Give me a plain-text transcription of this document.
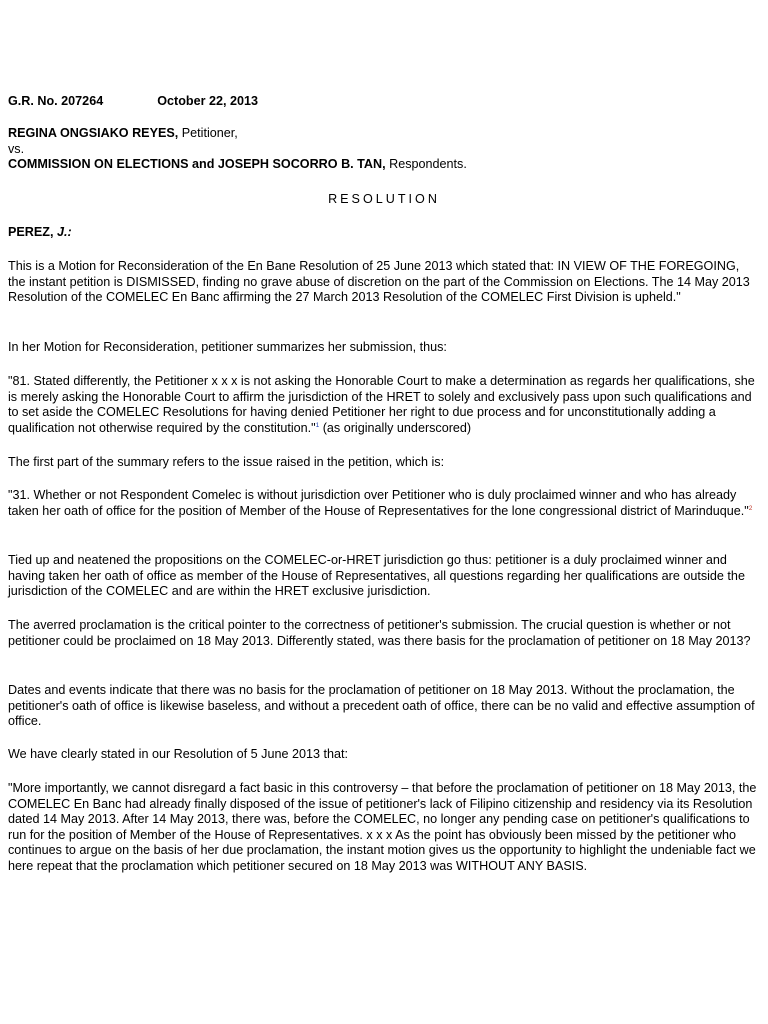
G.R. No. 207264	October 22, 2013

REGINA ONGSIAKO REYES, Petitioner,
vs.
COMMISSION ON ELECTIONS and JOSEPH SOCORRO B. TAN, Respondents.

RESOLUTION

PEREZ, J.:

This is a Motion for Reconsideration of the En Bane Resolution of 25 June 2013 which stated that: IN VIEW OF THE FOREGOING, the instant petition is DISMISSED, finding no grave abuse of discretion on the part of the Commission on Elections. The 14 May 2013 Resolution of the COMELEC En Banc affirming the 27 March 2013 Resolution of the COMELEC First Division is upheld."

In her Motion for Reconsideration, petitioner summarizes her submission, thus:

"81. Stated differently, the Petitioner x x x is not asking the Honorable Court to make a determination as regards her qualifications, she is merely asking the Honorable Court to affirm the jurisdiction of the HRET to solely and exclusively pass upon such qualifications and to set aside the COMELEC Resolutions for having denied Petitioner her right to due process and for unconstitutionally adding a qualification not otherwise required by the constitution."$^1$ (as originally underscored)

The first part of the summary refers to the issue raised in the petition, which is:

"31. Whether or not Respondent Comelec is without jurisdiction over Petitioner who is duly proclaimed winner and who has already taken her oath of office for the position of Member of the House of Representatives for the lone congressional district of Marinduque."$^2$

Tied up and neatened the propositions on the COMELEC-or-HRET jurisdiction go thus: petitioner is a duly proclaimed winner and having taken her oath of office as member of the House of Representatives, all questions regarding her qualifications are outside the jurisdiction of the COMELEC and are within the HRET exclusive jurisdiction.

The averred proclamation is the critical pointer to the correctness of petitioner's submission. The crucial question is whether or not petitioner could be proclaimed on 18 May 2013. Differently stated, was there basis for the proclamation of petitioner on 18 May 2013?

Dates and events indicate that there was no basis for the proclamation of petitioner on 18 May 2013. Without the proclamation, the petitioner's oath of office is likewise baseless, and without a precedent oath of office, there can be no valid and effective assumption of office.

We have clearly stated in our Resolution of 5 June 2013 that:

"More importantly, we cannot disregard a fact basic in this controversy – that before the proclamation of petitioner on 18 May 2013, the COMELEC En Banc had already finally disposed of the issue of petitioner's lack of Filipino citizenship and residency via its Resolution dated 14 May 2013. After 14 May 2013, there was, before the COMELEC, no longer any pending case on petitioner's qualifications to run for the position of Member of the House of Representatives. x x x As the point has obviously been missed by the petitioner who continues to argue on the basis of her due proclamation, the instant motion gives us the opportunity to highlight the undeniable fact we here repeat that the proclamation which petitioner secured on 18 May 2013 was WITHOUT ANY BASIS.
